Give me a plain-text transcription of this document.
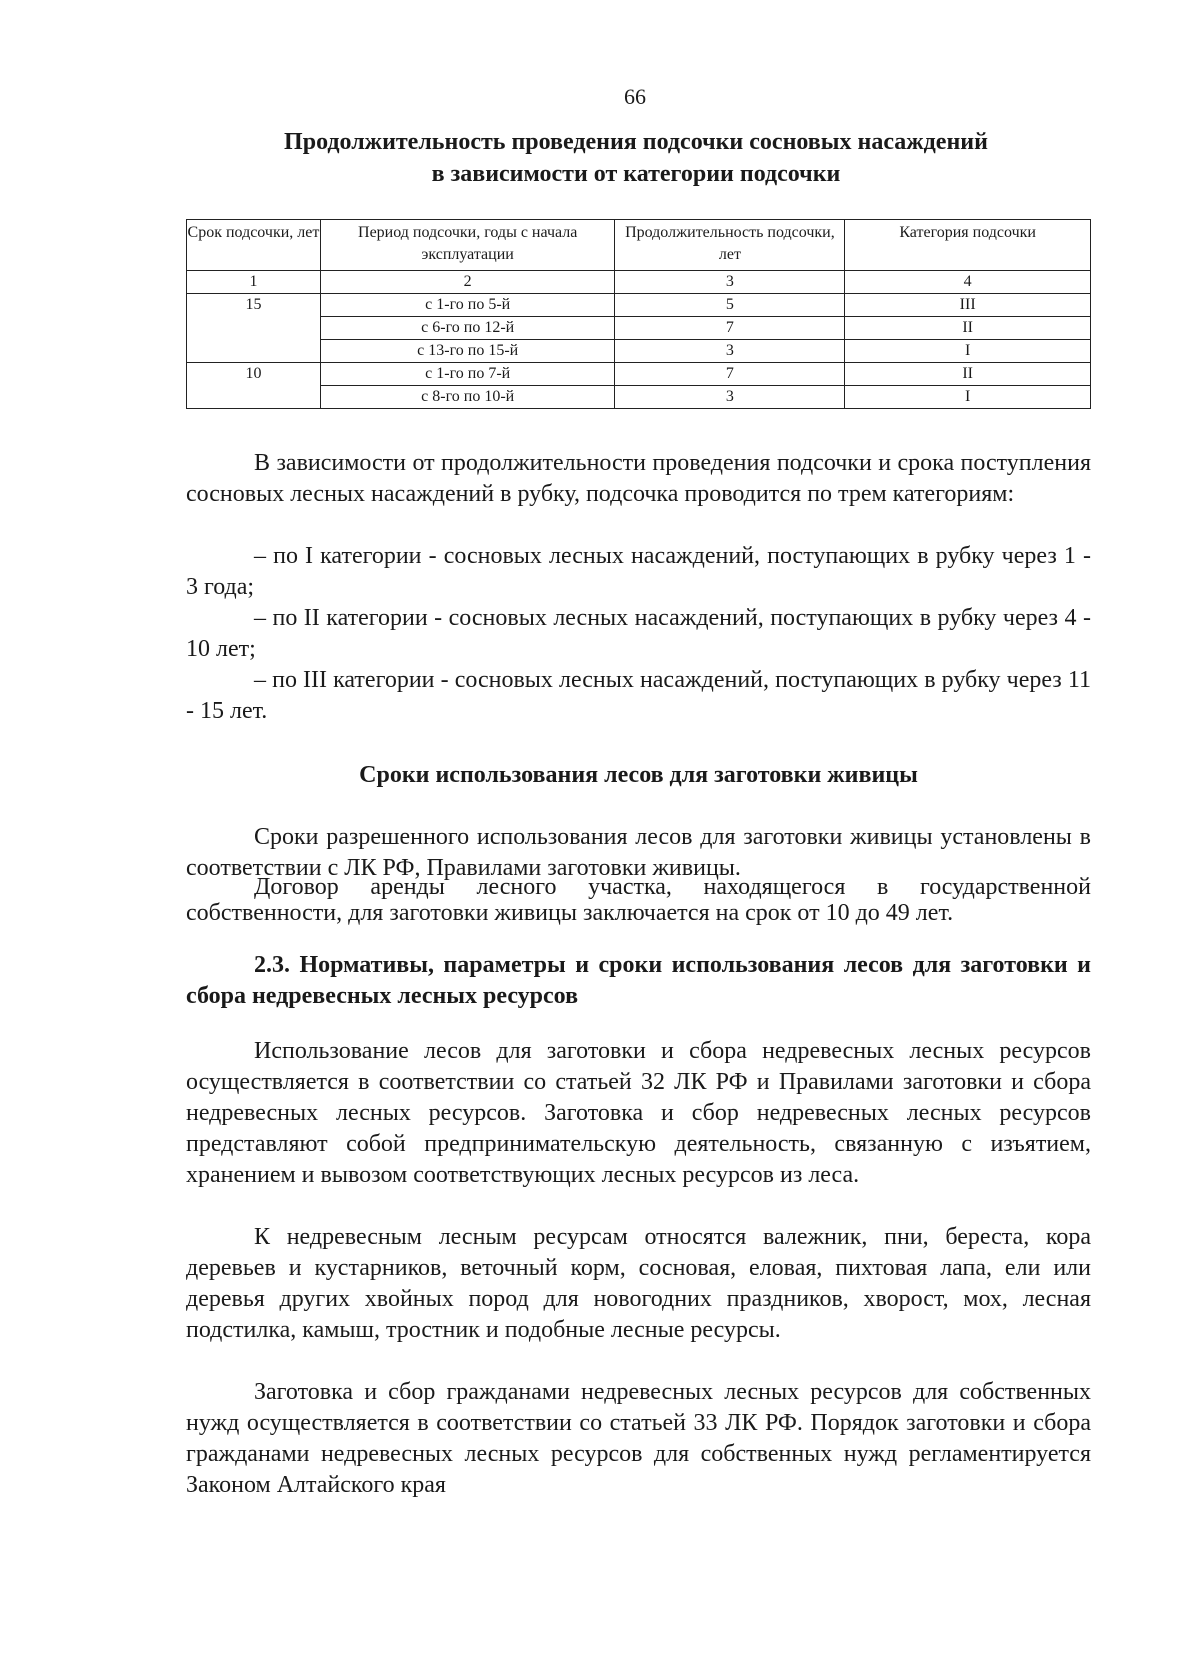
66
Продолжительность проведения подсочки сосновых насаждений
в зависимости от категории подсочки
Срок подсочки, лет	Период подсочки, годы с начала эксплуатации	Продолжительность подсочки, лет	Категория подсочки
1	2	3	4
15	с 1-го по 5-й	5	III
	с 6-го по 12-й	7	II
	с 13-го по 15-й	3	I
10	с 1-го по 7-й	7	II
	с 8-го по 10-й	3	I

В зависимости от продолжительности проведения подсочки и срока поступления сосновых лесных насаждений в рубку, подсочка проводится по трем категориям:

– по I категории - сосновых лесных насаждений, поступающих в рубку через 1 - 3 года;

– по II категории - сосновых лесных насаждений, поступающих в рубку через 4 - 10 лет;

– по III категории - сосновых лесных насаждений, поступающих в рубку через 11 - 15 лет.

Сроки использования лесов для заготовки живицы

Сроки разрешенного использования лесов для заготовки живицы установлены в соответствии с ЛК РФ, Правилами заготовки живицы.

Договор аренды лесного участка, находящегося в государственной собственности, для заготовки живицы заключается на срок от 10 до 49 лет.

2.3. Нормативы, параметры и сроки использования лесов для заготовки и сбора недревесных лесных ресурсов

Использование лесов для заготовки и сбора недревесных лесных ресурсов осуществляется в соответствии со статьей 32 ЛК РФ и Правилами заготовки и сбора недревесных лесных ресурсов. Заготовка и сбор недревесных лесных ресурсов представляют собой предпринимательскую деятельность, связанную с изъятием, хранением и вывозом соответствующих лесных ресурсов из леса.

К недревесным лесным ресурсам относятся валежник, пни, береста, кора деревьев и кустарников, веточный корм, сосновая, еловая, пихтовая лапа, ели или деревья других хвойных пород для новогодних праздников, хворост, мох, лесная подстилка, камыш, тростник и подобные лесные ресурсы.

Заготовка и сбор гражданами недревесных лесных ресурсов для собственных нужд осуществляется в соответствии со статьей 33 ЛК РФ. Порядок заготовки и сбора гражданами недревесных лесных ресурсов для собственных нужд регламентируется Законом Алтайского края
